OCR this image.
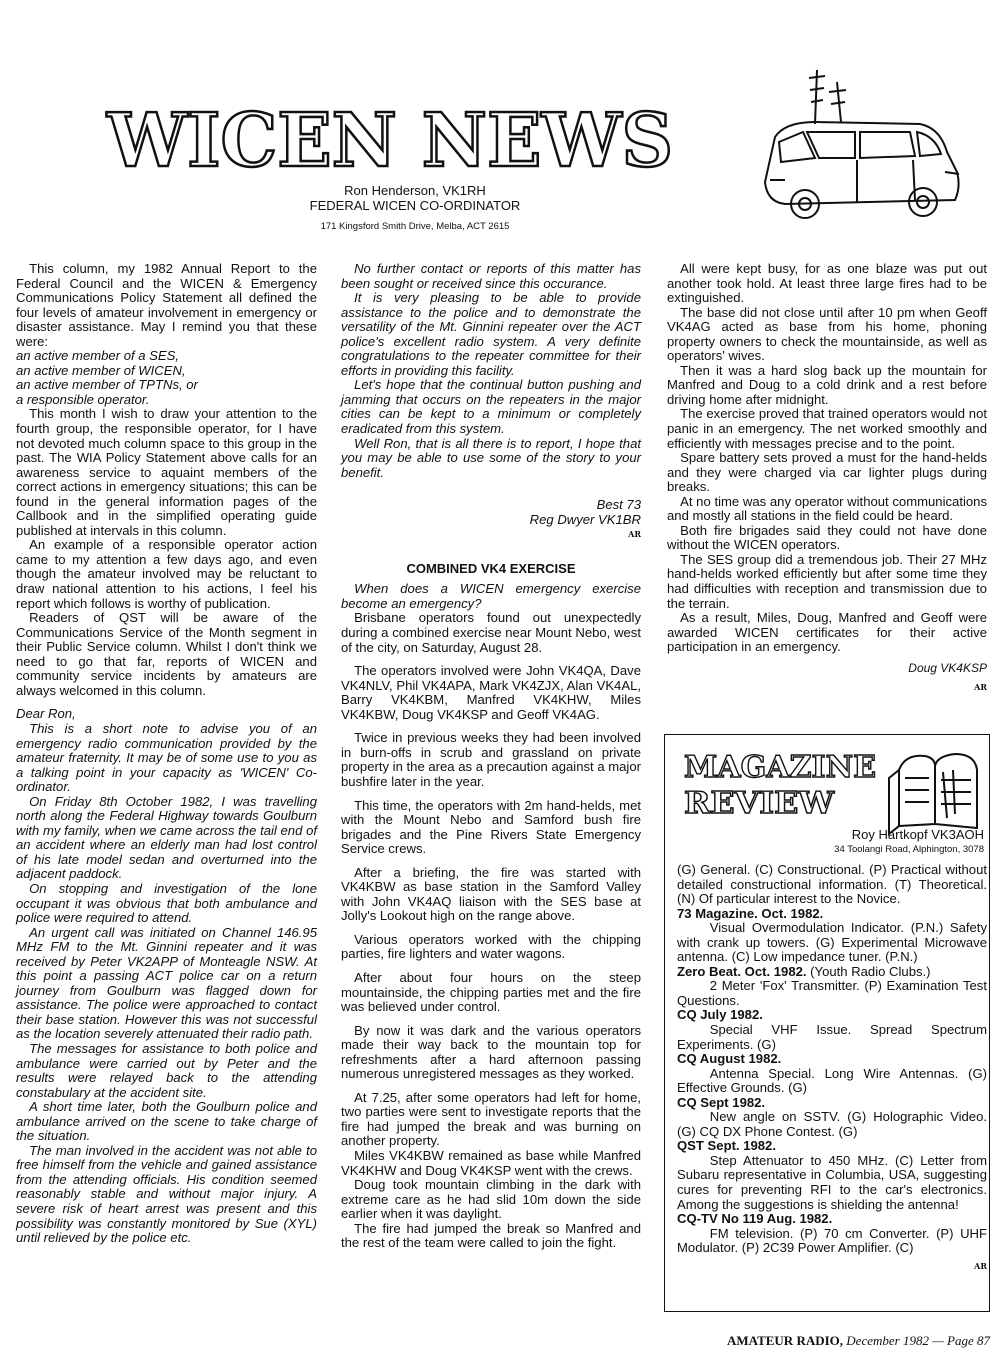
WICEN NEWS
Ron Henderson, VK1RH
FEDERAL WICEN CO-ORDINATOR
171 Kingsford Smith Drive, Melba, ACT 2615

This column, my 1982 Annual Report to the Federal Council and the WICEN & Emergency Communications Policy Statement all defined the four levels of amateur involvement in emergency or disaster assistance. May I remind you that these were:

an active member of a SES,

an active member of WICEN,

an active member of TPTNs, or

a responsible operator.

This month I wish to draw your attention to the fourth group, the responsible operator, for I have not devoted much column space to this group in the past. The WIA Policy Statement above calls for an awareness service to aquaint members of the correct actions in emergency situations; this can be found in the general information pages of the Callbook and in the simplified operating guide published at intervals in this column.

An example of a responsible operator action came to my attention a few days ago, and even though the amateur involved may be reluctant to draw national attention to his actions, I feel his report which follows is worthy of publication.

Readers of QST will be aware of the Communications Service of the Month segment in their Public Service column. Whilst I don't think we need to go that far, reports of WICEN and community service incidents by amateurs are always welcomed in this column.

Dear Ron,

This is a short note to advise you of an emergency radio communication provided by the amateur fraternity. It may be of some use to you as a talking point in your capacity as 'WICEN' Co-ordinator.

On Friday 8th October 1982, I was travelling north along the Federal Highway towards Goulburn with my family, when we came across the tail end of an accident where an elderly man had lost control of his late model sedan and overturned into the adjacent paddock.

On stopping and investigation of the lone occupant it was obvious that both ambulance and police were required to attend.

An urgent call was initiated on Channel 146.95 MHz FM to the Mt. Ginnini repeater and it was received by Peter VK2APP of Monteagle NSW. At this point a passing ACT police car on a return journey from Goulburn was flagged down for assistance. The police were approached to contact their base station. However this was not successful as the location severely attenuated their radio path.

The messages for assistance to both police and ambulance were carried out by Peter and the results were relayed back to the attending constabulary at the accident site.

A short time later, both the Goulburn police and ambulance arrived on the scene to take charge of the situation.

The man involved in the accident was not able to free himself from the vehicle and gained assistance from the attending officials. His condition seemed reasonably stable and without major injury. A severe risk of heart arrest was present and this possibility was constantly monitored by Sue (XYL) until relieved by the police etc.

No further contact or reports of this matter has been sought or received since this occurance.

It is very pleasing to be able to provide assistance to the police and to demonstrate the versatility of the Mt. Ginnini repeater over the ACT police's excellent radio system. A very definite congratulations to the repeater committee for their efforts in providing this facility.

Let's hope that the continual button pushing and jamming that occurs on the repeaters in the major cities can be kept to a minimum or completely eradicated from this system.

Well Ron, that is all there is to report, I hope that you may be able to use some of the story to your benefit.

Best 73

Reg Dwyer VK1BR

AR
COMBINED VK4 EXERCISE

When does a WICEN emergency exercise become an emergency?

Brisbane operators found out unexpectedly during a combined exercise near Mount Nebo, west of the city, on Saturday, August 28.

The operators involved were John VK4QA, Dave VK4NLV, Phil VK4APA, Mark VK4ZJX, Alan VK4AL, Barry VK4KBM, Manfred VK4KHW, Miles VK4KBW, Doug VK4KSP and Geoff VK4AG.

Twice in previous weeks they had been involved in burn-offs in scrub and grassland on private property in the area as a precaution against a major bushfire later in the year.

This time, the operators with 2m hand-helds, met with the Mount Nebo and Samford bush fire brigades and the Pine Rivers State Emergency Service crews.

After a briefing, the fire was started with VK4KBW as base station in the Samford Valley with John VK4AQ liaison with the SES base at Jolly's Lookout high on the range above.

Various operators worked with the chipping parties, fire lighters and water wagons.

After about four hours on the steep mountainside, the chipping parties met and the fire was believed under control.

By now it was dark and the various operators made their way back to the mountain top for refreshments after a hard afternoon passing numerous unregistered messages as they worked.

At 7.25, after some operators had left for home, two parties were sent to investigate reports that the fire had jumped the break and was burning on another property.

Miles VK4KBW remained as base while Manfred VK4KHW and Doug VK4KSP went with the crews.

Doug took mountain climbing in the dark with extreme care as he had slid 10m down the side earlier when it was daylight.

The fire had jumped the break so Manfred and the rest of the team were called to join the fight.

All were kept busy, for as one blaze was put out another took hold. At least three large fires had to be extinguished.

The base did not close until after 10 pm when Geoff VK4AG acted as base from his home, phoning property owners to check the mountainside, as well as operators' wives.

Then it was a hard slog back up the mountain for Manfred and Doug to a cold drink and a rest before driving home after midnight.

The exercise proved that trained operators would not panic in an emergency. The net worked smoothly and efficiently with messages precise and to the point.

Spare battery sets proved a must for the hand-helds and they were charged via car lighter plugs during breaks.

At no time was any operator without communications and mostly all stations in the field could be heard.

Both fire brigades said they could not have done without the WICEN operators.

The SES group did a tremendous job. Their 27 MHz hand-helds worked efficiently but after some time they had difficulties with reception and transmission due to the terrain.

As a result, Miles, Doug, Manfred and Geoff were awarded WICEN certificates for their active participation in an emergency.

Doug VK4KSP

AR
MAGAZINE
REVIEW
Roy Hartkopf VK3AOH
34 Toolangi Road, Alphington, 3078

(G) General. (C) Constructional. (P) Practical without detailed constructional information. (T) Theoretical. (N) Of particular interest to the Novice.

73 Magazine. Oct. 1982.

Visual Overmodulation Indicator. (P.N.) Safety with crank up towers. (G) Experimental Microwave antenna. (C) Low impedance tuner. (P.N.)

Zero Beat. Oct. 1982. (Youth Radio Clubs.)

2 Meter 'Fox' Transmitter. (P) Examination Test Questions.

CQ July 1982.

Special VHF Issue. Spread Spectrum Experiments. (G)

CQ August 1982.

Antenna Special. Long Wire Antennas. (G) Effective Grounds. (G)

CQ Sept 1982.

New angle on SSTV. (G) Holographic Video. (G) CQ DX Phone Contest. (G)

QST Sept. 1982.

Step Attenuator to 450 MHz. (C) Letter from Subaru representative in Columbia, USA, suggesting cures for preventing RFI to the car's electronics. Among the suggestions is shielding the antenna!

CQ-TV No 119 Aug. 1982.

FM television. (P) 70 cm Converter. (P) UHF Modulator. (P) 2C39 Power Amplifier. (C)

AR
AMATEUR RADIO, December 1982 — Page 87
